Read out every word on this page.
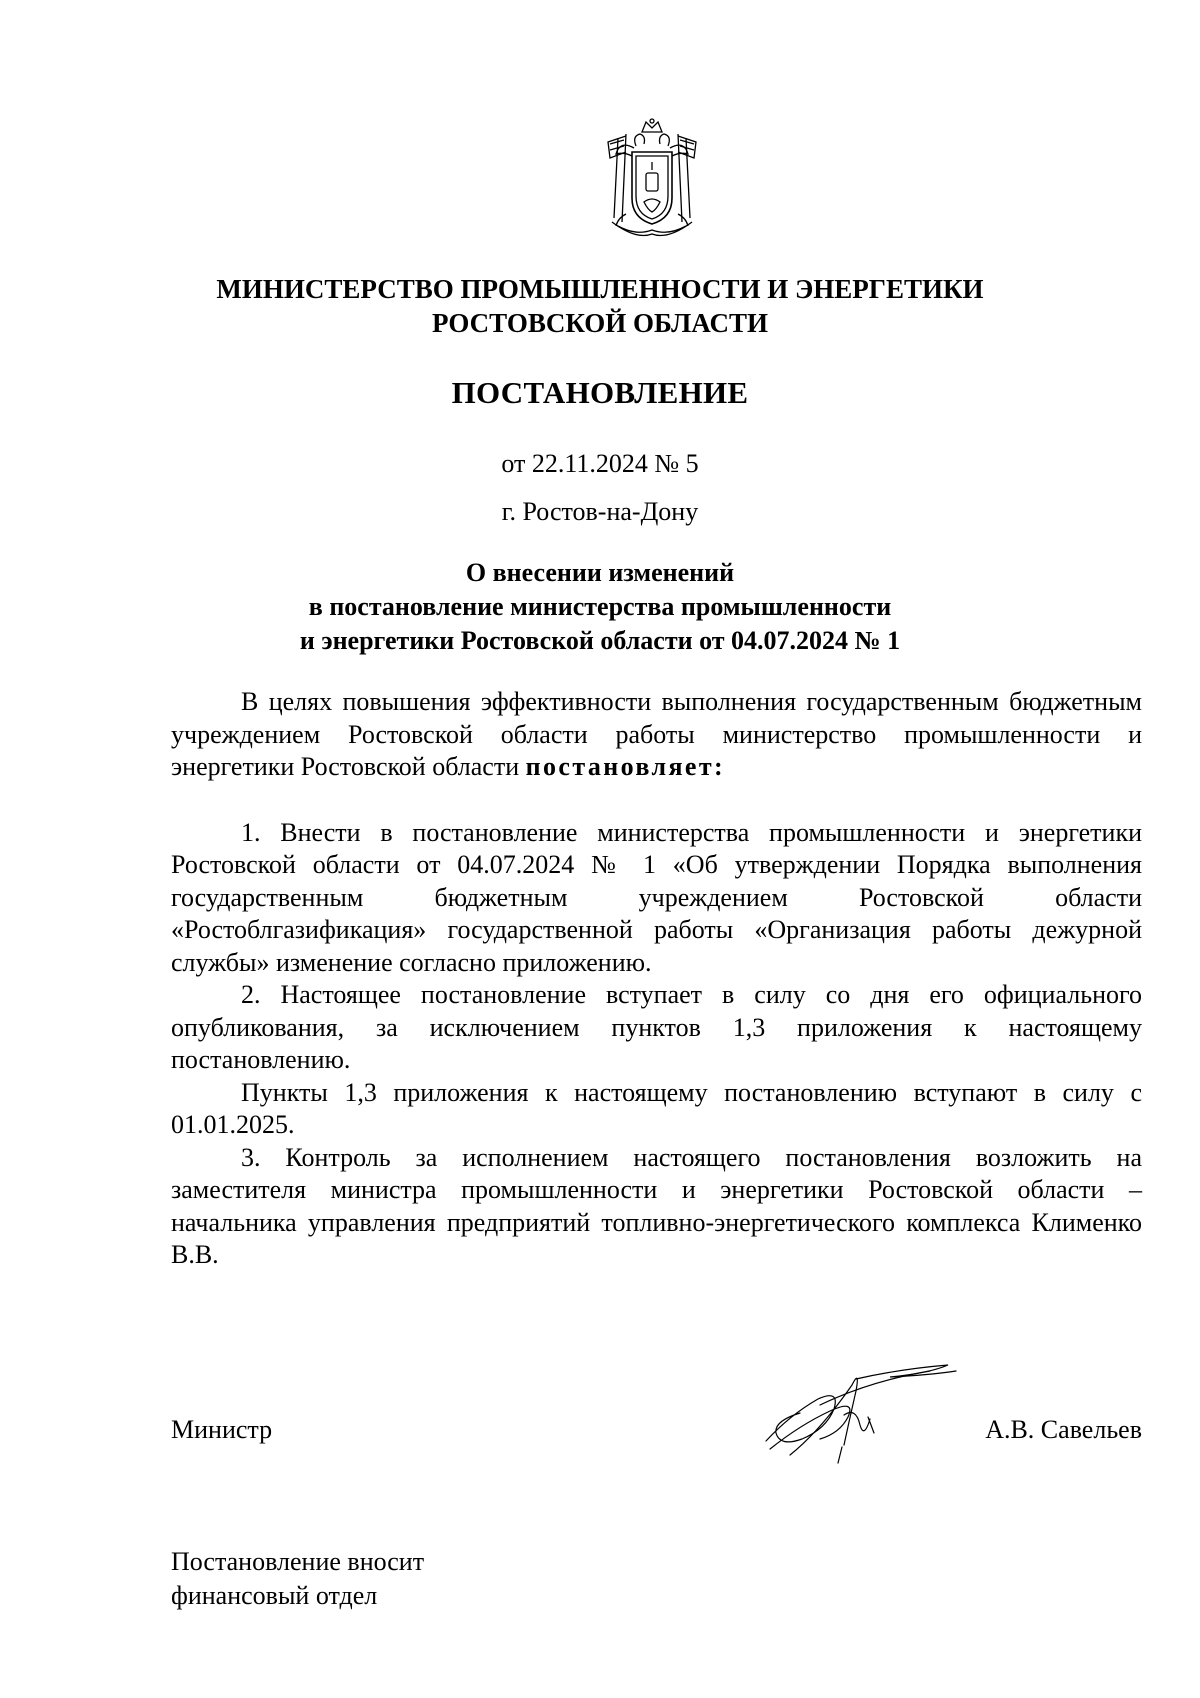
МИНИСТЕРСТВО ПРОМЫШЛЕННОСТИ И ЭНЕРГЕТИКИ
РОСТОВСКОЙ ОБЛАСТИ
ПОСТАНОВЛЕНИЕ
от 22.11.2024 № 5
г. Ростов-на-Дону
О внесении изменений
в постановление министерства промышленности
и энергетики Ростовской области от 04.07.2024 № 1

В целях повышения эффективности выполнения государственным бюджетным учреждением Ростовской области работы министерство промышленности и энергетики Ростовской области постановляет:

1. Внести в постановление министерства промышленности и энергетики Ростовской области от 04.07.2024 № 1 «Об утверждении Порядка выполнения государственным бюджетным учреждением Ростовской области «Ростоблгазификация» государственной работы «Организация работы дежурной службы» изменение согласно приложению.

2. Настоящее постановление вступает в силу со дня его официального опубликования, за исключением пунктов 1,3 приложения к настоящему постановлению.

Пункты 1,3 приложения к настоящему постановлению вступают в силу с 01.01.2025.

3. Контроль за исполнением настоящего постановления возложить на заместителя министра промышленности и энергетики Ростовской области – начальника управления предприятий топливно-энергетического комплекса Клименко В.В.

Министр	А.В. Савельев
Постановление вносит
финансовый отдел
